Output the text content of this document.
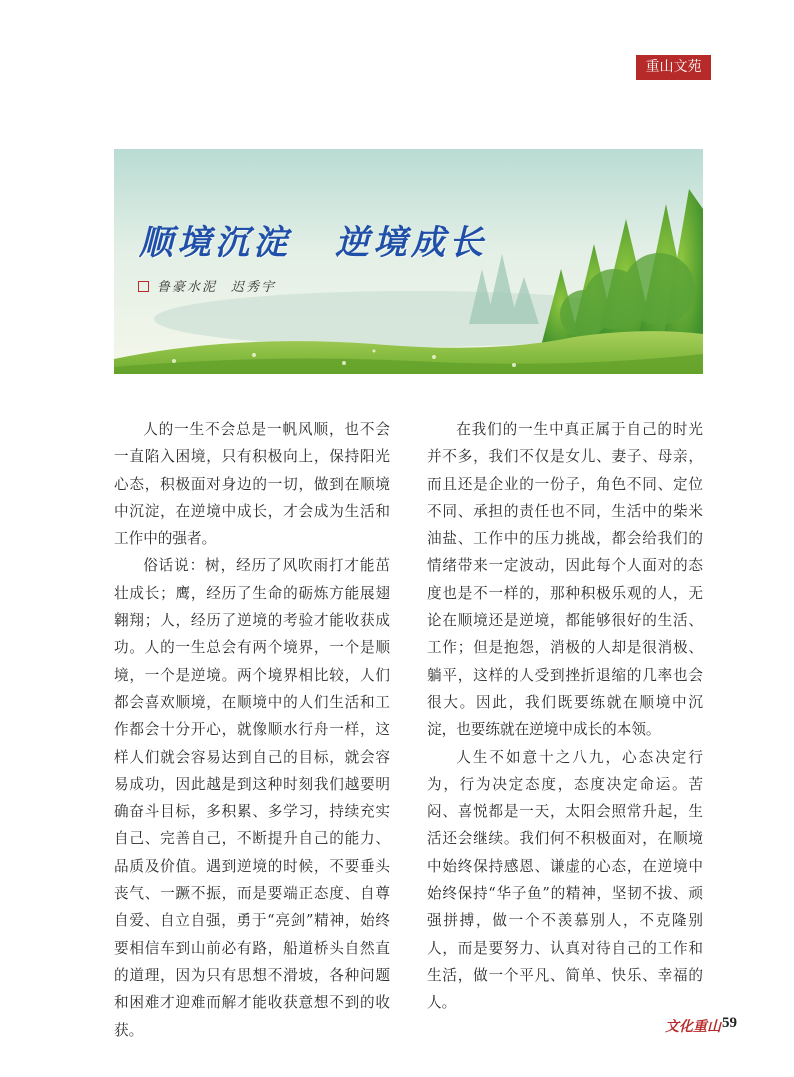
重山文苑
顺境沉淀 逆境成长
鲁豪水泥 迟秀宇

人的一生不会总是一帆风顺，也不会一直陷入困境，只有积极向上，保持阳光心态，积极面对身边的一切，做到在顺境中沉淀，在逆境中成长，才会成为生活和工作中的强者。

俗话说：树，经历了风吹雨打才能茁壮成长；鹰，经历了生命的砺炼方能展翅翱翔；人，经历了逆境的考验才能收获成功。人的一生总会有两个境界，一个是顺境，一个是逆境。两个境界相比较，人们都会喜欢顺境，在顺境中的人们生活和工作都会十分开心，就像顺水行舟一样，这样人们就会容易达到自己的目标，就会容易成功，因此越是到这种时刻我们越要明确奋斗目标，多积累、多学习，持续充实自己、完善自己，不断提升自己的能力、品质及价值。遇到逆境的时候，不要垂头丧气、一蹶不振，而是要端正态度、自尊自爱、自立自强，勇于“亮剑”精神，始终要相信车到山前必有路，船道桥头自然直的道理，因为只有思想不滑坡，各种问题和困难才迎难而解才能收获意想不到的收获。

在我们的一生中真正属于自己的时光并不多，我们不仅是女儿、妻子、母亲，而且还是企业的一份子，角色不同、定位不同、承担的责任也不同，生活中的柴米油盐、工作中的压力挑战，都会给我们的情绪带来一定波动，因此每个人面对的态度也是不一样的，那种积极乐观的人，无论在顺境还是逆境，都能够很好的生活、工作；但是抱怨，消极的人却是很消极、躺平，这样的人受到挫折退缩的几率也会很大。因此，我们既要练就在顺境中沉淀，也要练就在逆境中成长的本领。

人生不如意十之八九，心态决定行为，行为决定态度，态度决定命运。苦闷、喜悦都是一天，太阳会照常升起，生活还会继续。我们何不积极面对，在顺境中始终保持感恩、谦虚的心态，在逆境中始终保持“华子鱼”的精神，坚韧不拔、顽强拼搏，做一个不羡慕别人，不克隆别人，而是要努力、认真对待自己的工作和生活，做一个平凡、简单、快乐、幸福的人。

文化重山 59
